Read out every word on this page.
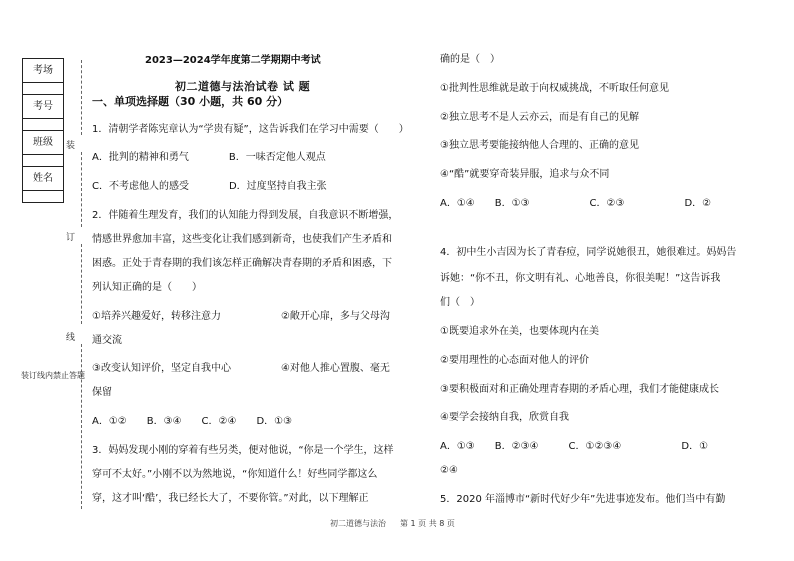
考场

考号

班级

姓名

装
订
线
装订线内禁止答题
2023—2024学年度第二学期期中考试
初二道德与法治试卷 试 题
一、单项选择题（30 小题，共 60 分）
1．清朝学者陈宪章认为“学贵有疑”，这告诉我们在学习中需要（　　）
A．批判的精神和勇气　　　　B．一味否定他人观点
C．不考虑他人的感受　　　　D．过度坚持自我主张
2．伴随着生理发育，我们的认知能力得到发展，自我意识不断增强，
情感世界愈加丰富，这些变化让我们感到新奇，也使我们产生矛盾和
困惑。正处于青春期的我们该怎样正确解决青春期的矛盾和困惑，下
列认知正确的是（　　）
①培养兴趣爱好，转移注意力　　　　　　②敞开心扉，多与父母沟
通交流
③改变认知评价，坚定自我中心　　　　　④对他人推心置腹、毫无
保留
A．①②　　B．③④　　C．②④　　D．①③
3．妈妈发现小刚的穿着有些另类，便对他说，“你是一个学生，这样
穿可不太好。”小刚不以为然地说，“你知道什么！好些同学都这么
穿，这才叫‘酷’，我已经长大了，不要你管。”对此，以下理解正
确的是（　）
①批判性思维就是敢于向权威挑战，不听取任何意见
②独立思考不是人云亦云，而是有自己的见解
③独立思考要能接纳他人合理的、正确的意见
④“酷”就要穿奇装异服，追求与众不同
A．①④　　B．①③　　　　　　C．②③　　　　　　D．②
4．初中生小吉因为长了青春痘，同学说她很丑，她很难过。妈妈告
诉她：“你不丑，你文明有礼、心地善良，你很美呢！”这告诉我
们（　）
①既要追求外在美，也要体现内在美
②要用理性的心态面对他人的评价
③要积极面对和正确处理青春期的矛盾心理，我们才能健康成长
④要学会接纳自我，欣赏自我
A．①③　　B．②③④　　　C．①②③④　　　　　　D．①
②④
5．2020 年淄博市“新时代好少年”先进事迹发布。他们当中有勤
初二道德与法治 第 1 页 共 8 页
